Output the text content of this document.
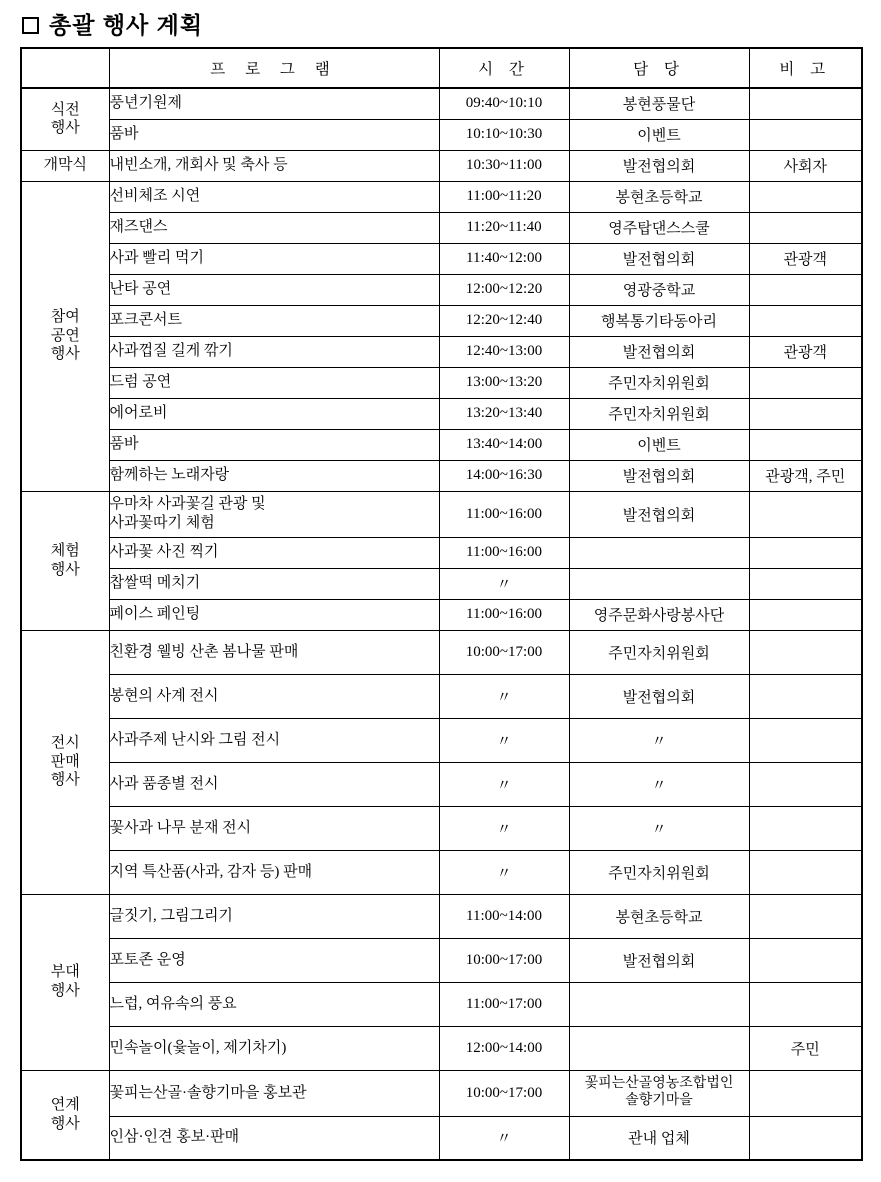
총괄 행사 계획
	프 로 그 램	시 간	담 당	비 고
식전
행사	풍년기원제	09:40~10:10	봉현풍물단	
	품바	10:10~10:30	이벤트	
개막식	내빈소개, 개회사 및 축사 등	10:30~11:00	발전협의회	사회자
참여
공연
행사	선비체조 시연	11:00~11:20	봉현초등학교	
	재즈댄스	11:20~11:40	영주탑댄스스쿨	
	사과 빨리 먹기	11:40~12:00	발전협의회	관광객
	난타 공연	12:00~12:20	영광중학교	
	포크콘서트	12:20~12:40	행복통기타동아리	
	사과껍질 길게 깎기	12:40~13:00	발전협의회	관광객
	드럼 공연	13:00~13:20	주민자치위원회	
	에어로비	13:20~13:40	주민자치위원회	
	품바	13:40~14:00	이벤트	
	함께하는 노래자랑	14:00~16:30	발전협의회	관광객, 주민
체험
행사	우마차 사과꽃길 관광 및
사과꽃따기 체험	11:00~16:00	발전협의회	
	사과꽃 사진 찍기	11:00~16:00		
	찹쌀떡 메치기	〃		
	페이스 페인팅	11:00~16:00	영주문화사랑봉사단	
전시
판매
행사	친환경 웰빙 산촌 봄나물 판매	10:00~17:00	주민자치위원회	
	봉현의 사계 전시	〃	발전협의회	
	사과주제 난시와 그림 전시	〃	〃	
	사과 품종별 전시	〃	〃	
	꽃사과 나무 분재 전시	〃	〃	
	지역 특산품(사과, 감자 등) 판매	〃	주민자치위원회	
부대
행사	글짓기, 그림그리기	11:00~14:00	봉현초등학교	
	포토존 운영	10:00~17:00	발전협의회	
	느럽, 여유속의 풍요	11:00~17:00		
	민속놀이(윷놀이, 제기차기)	12:00~14:00		주민
연계
행사	꽃피는산골·솔향기마을 홍보관	10:00~17:00	꽃피는산골영농조합법인
솔향기마을	
	인삼·인견 홍보·판매	〃	관내 업체	
